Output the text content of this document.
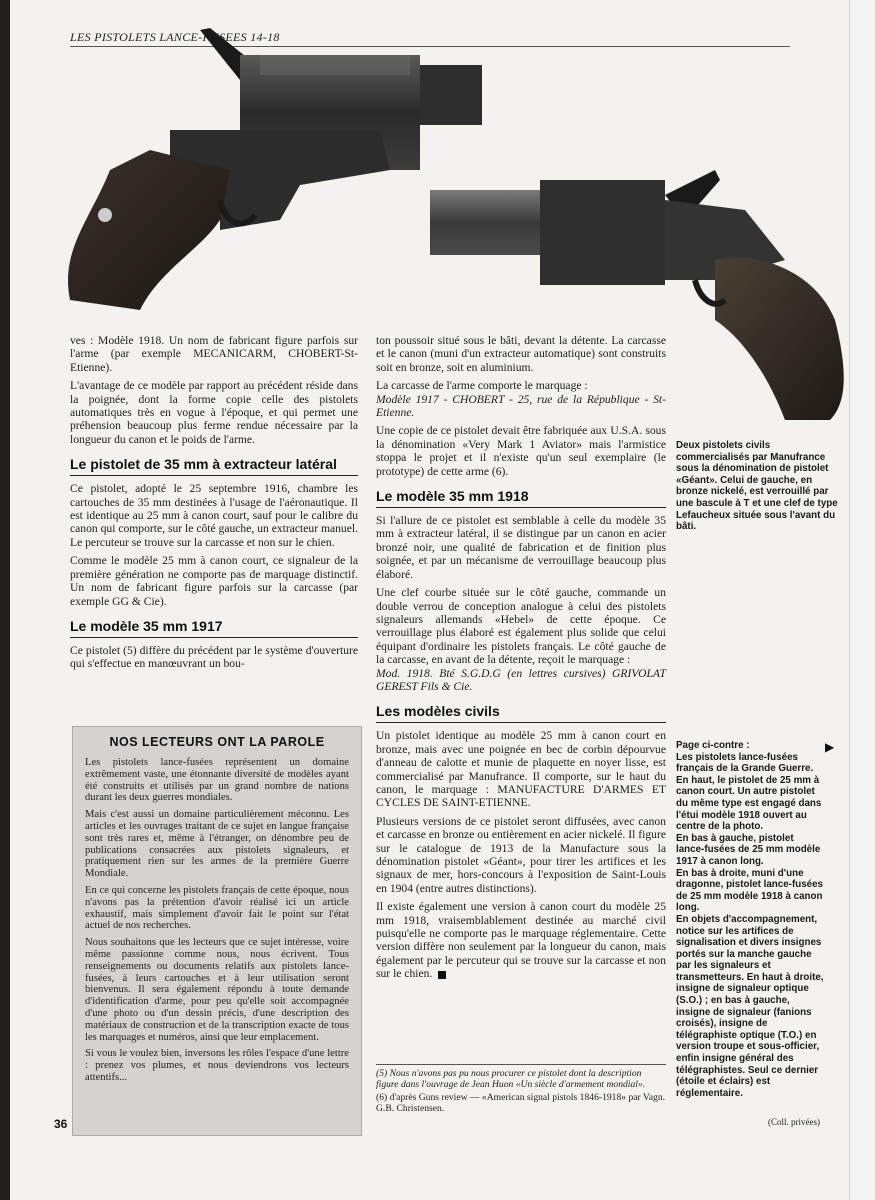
LES PISTOLETS LANCE-FUSEES 14-18

ves : Modèle 1918. Un nom de fabricant figure parfois sur l'arme (par exemple MECANICARM, CHOBERT-St-Etienne).

L'avantage de ce modèle par rapport au précédent réside dans la poignée, dont la forme copie celle des pistolets automatiques très en vogue à l'époque, et qui permet une préhension beaucoup plus ferme rendue nécessaire par la longueur du canon et le poids de l'arme.

Le pistolet de 35 mm à extracteur latéral

Ce pistolet, adopté le 25 septembre 1916, chambre les cartouches de 35 mm destinées à l'usage de l'aéronautique. Il est identique au 25 mm à canon court, sauf pour le calibre du canon qui comporte, sur le côté gauche, un extracteur manuel. Le percuteur se trouve sur la carcasse et non sur le chien.

Comme le modèle 25 mm à canon court, ce signaleur de la première génération ne comporte pas de marquage distinctif. Un nom de fabricant figure parfois sur la carcasse (par exemple GG & Cie).

Le modèle 35 mm 1917

Ce pistolet (5) diffère du précédent par le système d'ouverture qui s'effectue en manœuvrant un bou-

ton poussoir situé sous le bâti, devant la détente. La carcasse et le canon (muni d'un extracteur automatique) sont construits soit en bronze, soit en aluminium.

La carcasse de l'arme comporte le marquage :

Modèle 1917 - CHOBERT - 25, rue de la République - St-Etienne.

Une copie de ce pistolet devait être fabriquée aux U.S.A. sous la dénomination «Very Mark 1 Aviator» mais l'armistice stoppa le projet et il n'existe qu'un seul exemplaire (le prototype) de cette arme (6).

Le modèle 35 mm 1918

Si l'allure de ce pistolet est semblable à celle du modèle 35 mm à extracteur latéral, il se distingue par un canon en acier bronzé noir, une qualité de fabrication et de finition plus soignée, et par un mécanisme de verrouillage beaucoup plus élaboré.

Une clef courbe située sur le côté gauche, commande un double verrou de conception analogue à celui des pistolets signaleurs allemands «Hebel» de cette époque. Ce verrouillage plus élaboré est également plus solide que celui équipant d'ordinaire les pistolets français. Le côté gauche de la carcasse, en avant de la détente, reçoit le marquage :

Mod. 1918. Bté S.G.D.G (en lettres cursives) GRIVOLAT GEREST Fils & Cie.

Les modèles civils

Un pistolet identique au modèle 25 mm à canon court en bronze, mais avec une poignée en bec de corbin dépourvue d'anneau de calotte et munie de plaquette en noyer lisse, est commercialisé par Manufrance. Il comporte, sur le haut du canon, le marquage : MANUFACTURE D'ARMES ET CYCLES DE SAINT-ETIENNE.

Plusieurs versions de ce pistolet seront diffusées, avec canon et carcasse en bronze ou entièrement en acier nickelé. Il figure sur le catalogue de 1913 de la Manufacture sous la dénomination pistolet «Géant», pour tirer les artifices et les signaux de mer, hors-concours à l'exposition de Saint-Louis en 1904 (entre autres distinctions).

Il existe également une version à canon court du modèle 25 mm 1918, vraisemblablement destinée au marché civil puisqu'elle ne comporte pas le marquage réglementaire. Cette version diffère non seulement par la longueur du canon, mais également par le percuteur qui se trouve sur la carcasse et non sur le chien.

NOS LECTEURS ONT LA PAROLE

Les pistolets lance-fusées représentent un domaine extrêmement vaste, une étonnante diversité de modèles ayant été construits et utilisés par un grand nombre de nations durant les deux guerres mondiales.

Mais c'est aussi un domaine particulièrement méconnu. Les articles et les ouvrages traitant de ce sujet en langue française sont très rares et, même à l'étranger, on dénombre peu de publications consacrées aux pistolets signaleurs, et pratiquement rien sur les armes de la première Guerre Mondiale.

En ce qui concerne les pistolets français de cette époque, nous n'avons pas la prétention d'avoir réalisé ici un article exhaustif, mais simplement d'avoir fait le point sur l'état actuel de nos recherches.

Nous souhaitons que les lecteurs que ce sujet intéresse, voire même passionne comme nous, nous écrivent. Tous renseignements ou documents relatifs aux pistolets lance-fusées, à leurs cartouches et à leur utilisation seront bienvenus. Il sera également répondu à toute demande d'identification d'arme, pour peu qu'elle soit accompagnée d'une photo ou d'un dessin précis, d'une description des matériaux de construction et de la transcription exacte de tous les marquages et numéros, ainsi que leur emplacement.

Si vous le voulez bien, inversons les rôles l'espace d'une lettre : prenez vos plumes, et nous deviendrons vos lecteurs attentifs...	(5) Nous n'avons pas pu nous procurer ce pistolet dont la description figure dans l'ouvrage de Jean Huon «Un siècle d'armement mondial».

(6) d'après Guns review — «American signal pistols 1846-1918» par Vagn. G.B. Christensen.

Deux pistolets civils commercialisés par Manufrance sous la dénomination de pistolet «Géant». Celui de gauche, en bronze nickelé, est verrouillé par une bascule à T et une clef de type Lefaucheux située sous l'avant du bâti.

Page ci-contre :

Les pistolets lance-fusées français de la Grande Guerre. En haut, le pistolet de 25 mm à canon court. Un autre pistolet du même type est engagé dans l'étui modèle 1918 ouvert au centre de la photo.

En bas à gauche, pistolet lance-fusées de 25 mm modèle 1917 à canon long.

En bas à droite, muni d'une dragonne, pistolet lance-fusées de 25 mm modèle 1918 à canon long.

En objets d'accompagnement, notice sur les artifices de signalisation et divers insignes portés sur la manche gauche par les signaleurs et transmetteurs. En haut à droite, insigne de signaleur optique (S.O.) ; en bas à gauche, insigne de signaleur (fanions croisés), insigne de télégraphiste optique (T.O.) en version troupe et sous-officier, enfin insigne général des télégraphistes. Seul ce dernier (étoile et éclairs) est réglementaire.

▶
(Coll. privées)
36
